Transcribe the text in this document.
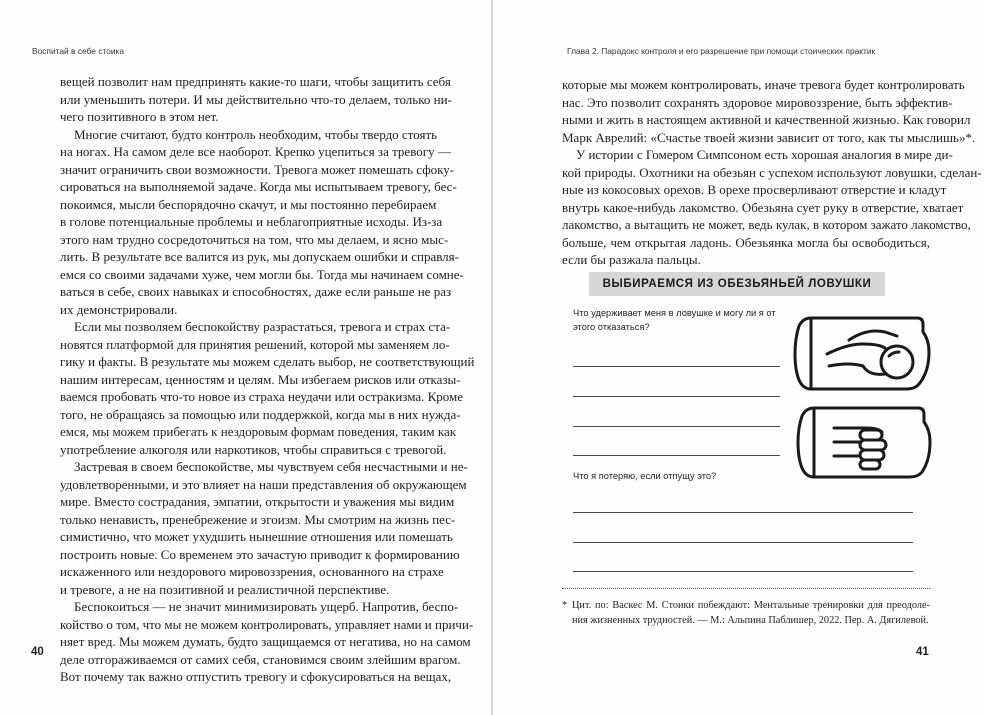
Воспитай в себе стоика
вещей позволит нам предпринять какие-то шаги, чтобы защитить себя
или уменьшить потери. И мы действительно что-то делаем, только ни-
чего позитивного в этом нет.
Многие считают, будто контроль необходим, чтобы твердо стоять
на ногах. На самом деле все наоборот. Крепко уцепиться за тревогу —
значит ограничить свои возможности. Тревога может помешать сфоку-
сироваться на выполняемой задаче. Когда мы испытываем тревогу, бес-
покоимся, мысли беспорядочно скачут, и мы постоянно перебираем
в голове потенциальные проблемы и неблагоприятные исходы. Из-за
этого нам трудно сосредоточиться на том, что мы делаем, и ясно мыс-
лить. В результате все валится из рук, мы допускаем ошибки и справля-
емся со своими задачами хуже, чем могли бы. Тогда мы начинаем сомне-
ваться в себе, своих навыках и способностях, даже если раньше не раз
их демонстрировали.
Если мы позволяем беспокойству разрастаться, тревога и страх ста-
новятся платформой для принятия решений, которой мы заменяем ло-
гику и факты. В результате мы можем сделать выбор, не соответствующий
нашим интересам, ценностям и целям. Мы избегаем рисков или отказы-
ваемся пробовать что-то новое из страха неудачи или остракизма. Кроме
того, не обращаясь за помощью или поддержкой, когда мы в них нужда-
емся, мы можем прибегать к нездоровым формам поведения, таким как
употребление алкоголя или наркотиков, чтобы справиться с тревогой.
Застревая в своем беспокойстве, мы чувствуем себя несчастными и не-
удовлетворенными, и это влияет на наши представления об окружающем
мире. Вместо сострадания, эмпатии, открытости и уважения мы видим
только ненависть, пренебрежение и эгоизм. Мы смотрим на жизнь пес-
симистично, что может ухудшить нынешние отношения или помешать
построить новые. Со временем это зачастую приводит к формированию
искаженного или нездорового мировоззрения, основанного на страхе
и тревоге, а не на позитивной и реалистичной перспективе.
Беспокоиться — не значит минимизировать ущерб. Напротив, беспо-
койство о том, что мы не можем контролировать, управляет нами и причи-
няет вред. Мы можем думать, будто защищаемся от негатива, но на самом
деле отгораживаемся от самих себя, становимся своим злейшим врагом.
Вот почему так важно отпустить тревогу и сфокусироваться на вещах,
40
Глава 2. Парадокс контроля и его разрешение при помощи стоических практик
которые мы можем контролировать, иначе тревога будет контролировать
нас. Это позволит сохранять здоровое мировоззрение, быть эффектив-
ными и жить в настоящем активной и качественной жизнью. Как говорил
Марк Аврелий: «Счастье твоей жизни зависит от того, как ты мыслишь»*.
У истории с Гомером Симпсоном есть хорошая аналогия в мире ди-
кой природы. Охотники на обезьян с успехом используют ловушки, сделан-
ные из кокосовых орехов. В орехе просверливают отверстие и кладут
внутрь какое-нибудь лакомство. Обезьяна сует руку в отверстие, хватает
лакомство, а вытащить не может, ведь кулак, в котором зажато лакомство,
больше, чем открытая ладонь. Обезьянка могла бы освободиться,
если бы разжала пальцы.
ВЫБИРАЕМСЯ ИЗ ОБЕЗЬЯНЬЕЙ ЛОВУШКИ
Что удерживает меня в ловушке и могу ли я от этого отказаться?
Что я потеряю, если отпущу это?
* Цит. по: Васкес М. Стоики побеждают: Ментальные тренировки для преодоле-
ния жизненных трудностей. — М.: Альпина Паблишер, 2022. Пер. А. Дягилевой.
41
